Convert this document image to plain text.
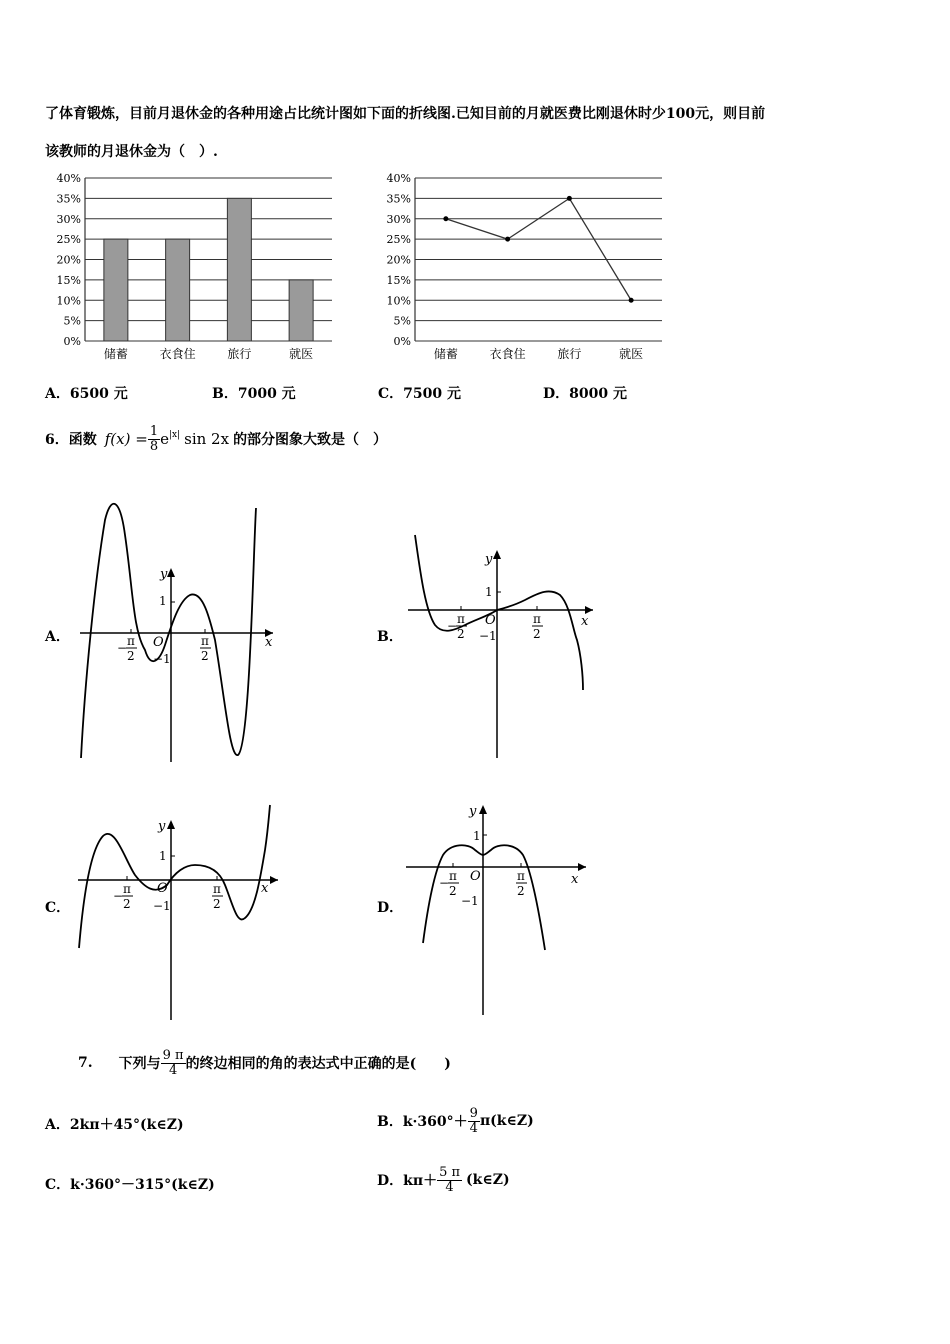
了体育锻炼，目前月退休金的各种用途占比统计图如下面的折线图.已知目前的月就医费比刚退休时少100元，则目前
该教师的月退休金为（　）.
0%
5%
10%
15%
20%
25%
30%
35%
40%
储蓄	衣食住	旅行	就医
0%
5%
10%
15%
20%
25%
30%
35%
40%
储蓄	衣食住	旅行	就医
A．6500 元	B．7000 元	C．7500 元	D．8000 元
6． 函数 $f(x) = \frac{1}{8} e^{|x|}$ sin 2x 的部分图象大致是（　）
y
x
1
O
−1
− π
2
π
2
A．
y
x
1
O
−1
− π
2
π
2
B．
y
x
1
O
−1
− π
2
π
2
C．
y
x
1
O
−1
− π
2
π
2
D．
7. 下列与 $\frac{9 \pi}{4}$ 的终边相同的角的表达式中正确的是(　　)
A．2kπ＋45°(k∈Z)	B． $k\cdot 360^\circ+ \frac{9}{4}$ π(k∈Z)
C．k·360°－315°(k∈Z)	D． $k\pi+ \frac{5 \pi}{4}$ (k∈Z)
